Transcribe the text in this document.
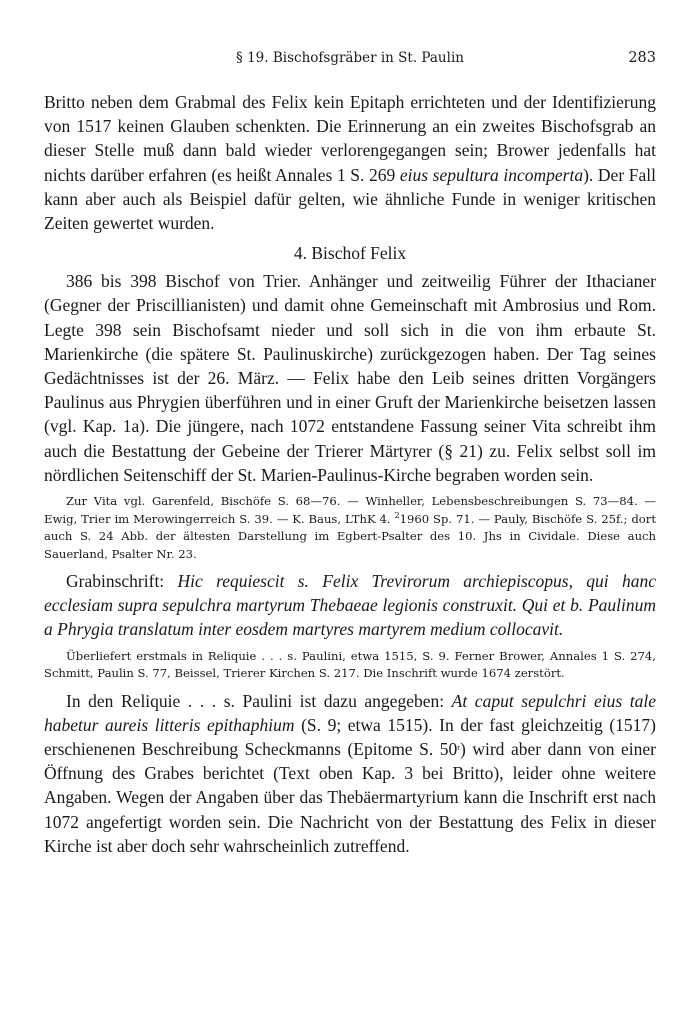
§ 19. Bischofsgräber in St. Paulin	283

Britto neben dem Grabmal des Felix kein Epitaph errichteten und der Identifizierung von 1517 keinen Glauben schenkten. Die Erinnerung an ein zweites Bischofsgrab an dieser Stelle muß dann bald wieder verlorengegangen sein; Brower jedenfalls hat nichts darüber erfahren (es heißt Annales 1 S. 269 eius sepultura incomperta). Der Fall kann aber auch als Beispiel dafür gelten, wie ähnliche Funde in weniger kritischen Zeiten gewertet wurden.

4. Bischof Felix

386 bis 398 Bischof von Trier. Anhänger und zeitweilig Führer der Ithacianer (Gegner der Priscillianisten) und damit ohne Gemeinschaft mit Ambrosius und Rom. Legte 398 sein Bischofsamt nieder und soll sich in die von ihm erbaute St. Marienkirche (die spätere St. Paulinuskirche) zurückgezogen haben. Der Tag seines Gedächtnisses ist der 26. März. — Felix habe den Leib seines dritten Vorgängers Paulinus aus Phrygien überführen und in einer Gruft der Marienkirche beisetzen lassen (vgl. Kap. 1a). Die jüngere, nach 1072 entstandene Fassung seiner Vita schreibt ihm auch die Bestattung der Gebeine der Trierer Märtyrer (§ 21) zu. Felix selbst soll im nördlichen Seitenschiff der St. Marien-Paulinus-Kirche begraben worden sein.

Zur Vita vgl. Garenfeld, Bischöfe S. 68—76. — Winheller, Lebensbeschreibungen S. 73—84. — Ewig, Trier im Merowingerreich S. 39. — K. Baus, LThK 4. $^2$1960 Sp. 71. — Pauly, Bischöfe S. 25f.; dort auch S. 24 Abb. der ältesten Darstellung im Egbert-Psalter des 10. Jhs in Cividale. Diese auch Sauerland, Psalter Nr. 23.

Grabinschrift: Hic requiescit s. Felix Trevirorum archiepiscopus, qui hanc ecclesiam supra sepulchra martyrum Thebaeae legionis construxit. Qui et b. Paulinum a Phrygia translatum inter eosdem martyres martyrem medium collocavit.

Überliefert erstmals in Reliquie . . . s. Paulini, etwa 1515, S. 9. Ferner Brower, Annales 1 S. 274, Schmitt, Paulin S. 77, Beissel, Trierer Kirchen S. 217. Die Inschrift wurde 1674 zerstört.

In den Reliquie . . . s. Paulini ist dazu angegeben: At caput sepulchri eius tale habetur aureis litteris epithaphium (S. 9; etwa 1515). In der fast gleichzeitig (1517) erschienenen Beschreibung Scheckmanns (Epitome S. 50$^r$) wird aber dann von einer Öffnung des Grabes berichtet (Text oben Kap. 3 bei Britto), leider ohne weitere Angaben. Wegen der Angaben über das Thebäermartyrium kann die Inschrift erst nach 1072 angefertigt worden sein. Die Nachricht von der Bestattung des Felix in dieser Kirche ist aber doch sehr wahrscheinlich zutreffend.
